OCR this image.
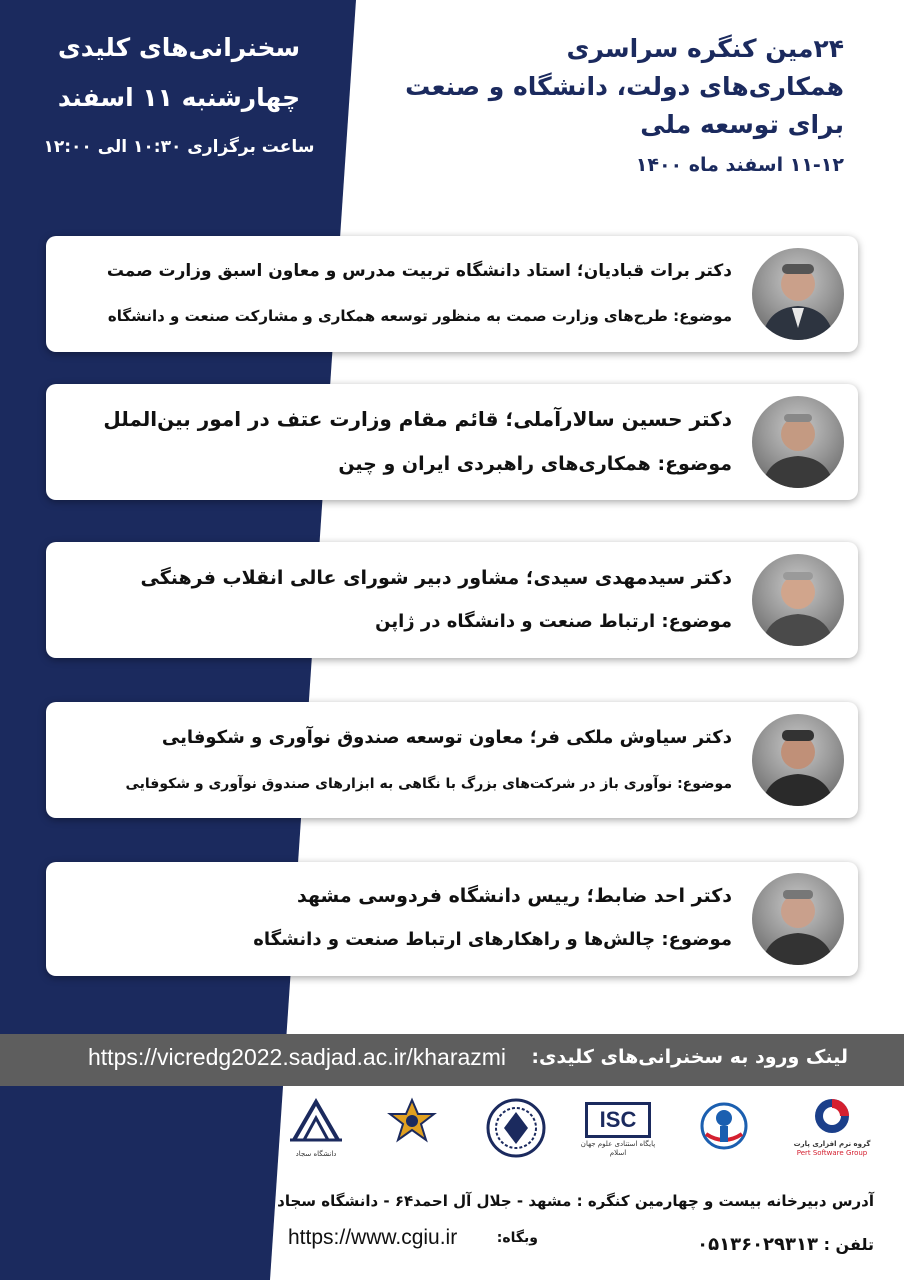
۲۴مین کنگره سراسری
همکاری‌های دولت، دانشگاه و صنعت
برای توسعه ملی
۱۱-۱۲ اسفند ماه ۱۴۰۰
سخنرانی‌های کلیدی
چهارشنبه ۱۱ اسفند
ساعت برگزاری ۱۰:۳۰ الی ۱۲:۰۰
دکتر برات قبادیان؛ استاد دانشگاه تربیت مدرس و معاون اسبق وزارت صمت
موضوع: طرح‌های وزارت صمت به منظور توسعه همکاری و مشارکت صنعت و دانشگاه
دکتر حسین سالارآملی؛ قائم مقام وزارت عتف در امور بین‌الملل
موضوع: همکاری‌های راهبردی ایران و چین
دکتر سیدمهدی سیدی؛ مشاور دبیر شورای عالی انقلاب فرهنگی
موضوع: ارتباط صنعت و دانشگاه در ژاپن
دکتر سیاوش ملکی فر؛ معاون توسعه صندوق نوآوری و شکوفایی
موضوع: نوآوری باز در شرکت‌های بزرگ با نگاهی به ابزارهای صندوق نوآوری و شکوفایی
دکتر احد ضابط؛ رییس دانشگاه فردوسی مشهد
موضوع: چالش‌ها و راهکارهای ارتباط صنعت و دانشگاه
لینک ورود به سخنرانی‌های کلیدی:
https://vicredg2022.sadjad.ac.ir/kharazmi
گروه نرم افزاری پارت
Pert Software Group
ISC
پایگاه استنادی علوم جهان اسلام
دانشگاه سجاد
آدرس دبیرخانه بیست و چهارمین کنگره : مشهد - جلال آل احمد۶۴ - دانشگاه سجاد
تلفن : ۰۵۱۳۶۰۲۹۳۱۳
وبگاه:
https://www.cgiu.ir
